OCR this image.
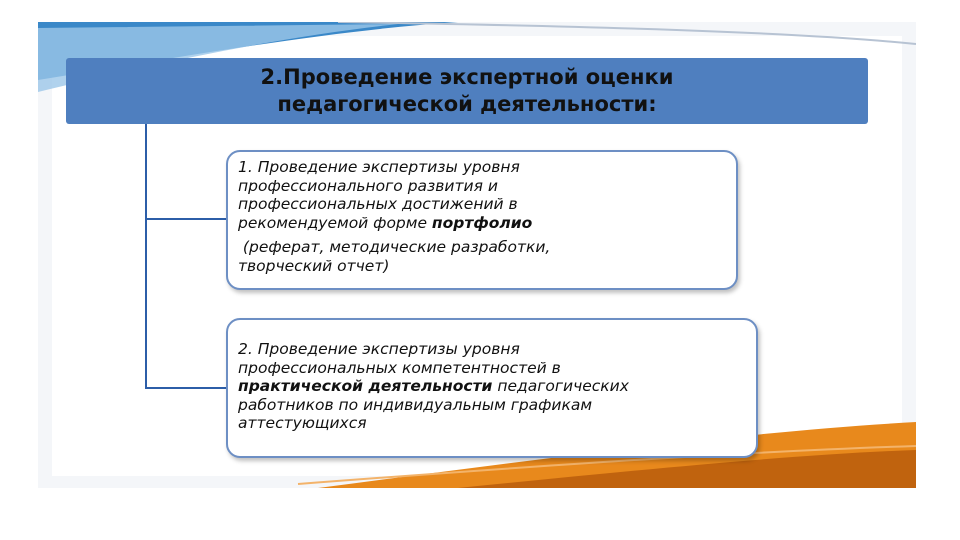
2.Проведение экспертной оценки
педагогической деятельности:

1. Проведение экспертизы уровня

профессионального развития и

профессиональных достижений в

рекомендуемой форме портфолио

(реферат, методические разработки,

творческий отчет)

2. Проведение экспертизы уровня

профессиональных компетентностей в

практической деятельности педагогических

работников по индивидуальным графикам

аттестующихся
